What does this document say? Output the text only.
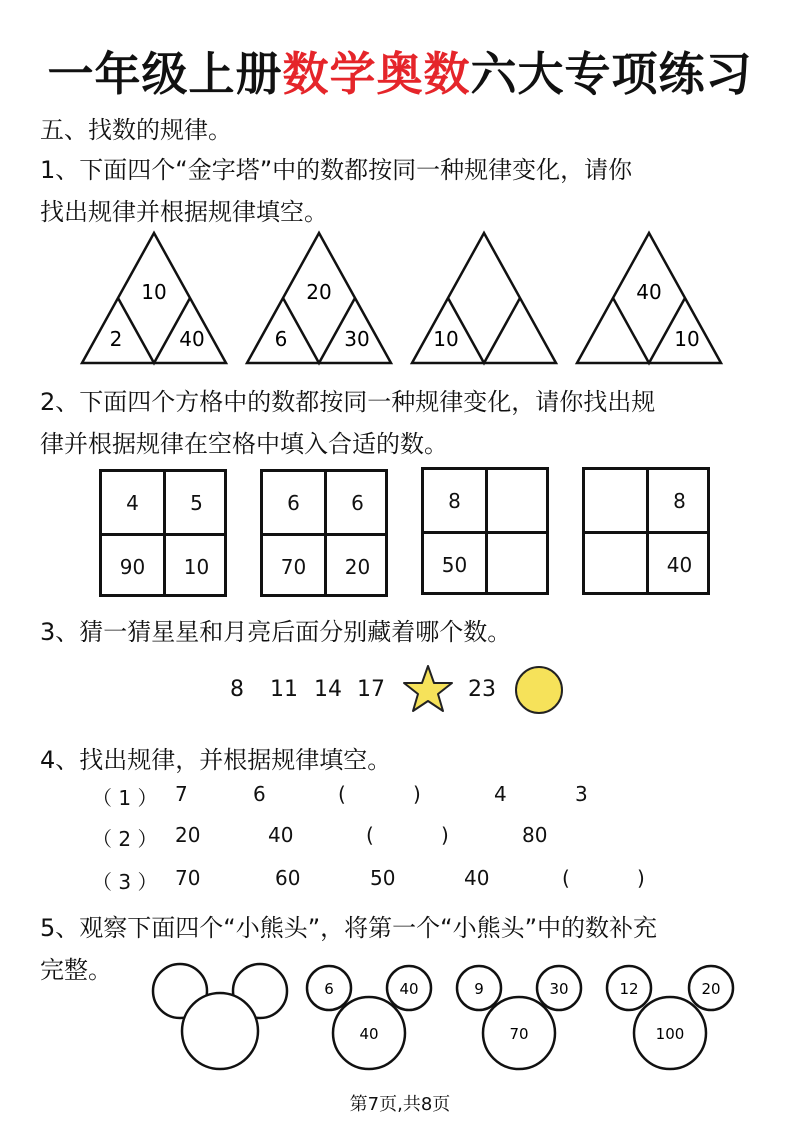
一年级上册数学奥数六大专项练习
五、找数的规律。
1、下面四个“金字塔”中的数都按同一种规律变化，请你
找出规律并根据规律填空。
10
2	40
20
6	30	10
40
10
2、下面四个方格中的数都按同一种规律变化，请你找出规
律并根据规律在空格中填入合适的数。
4	5
90	10
6	6
70	20
8
50
8
40
3、猜一猜星星和月亮后面分别藏着哪个数。
8 11 14 17	23
4、找出规律，并根据规律填空。
（ 1 ） 7	6	(	)	4	3
（ 2 ） 20	40	(	)	80
（ 3 ） 70	60	50	40	(	)
5、观察下面四个“小熊头”，将第一个“小熊头”中的数补充
完整。
6	40
40
9	30
70
12	20
100
第7页,共8页
